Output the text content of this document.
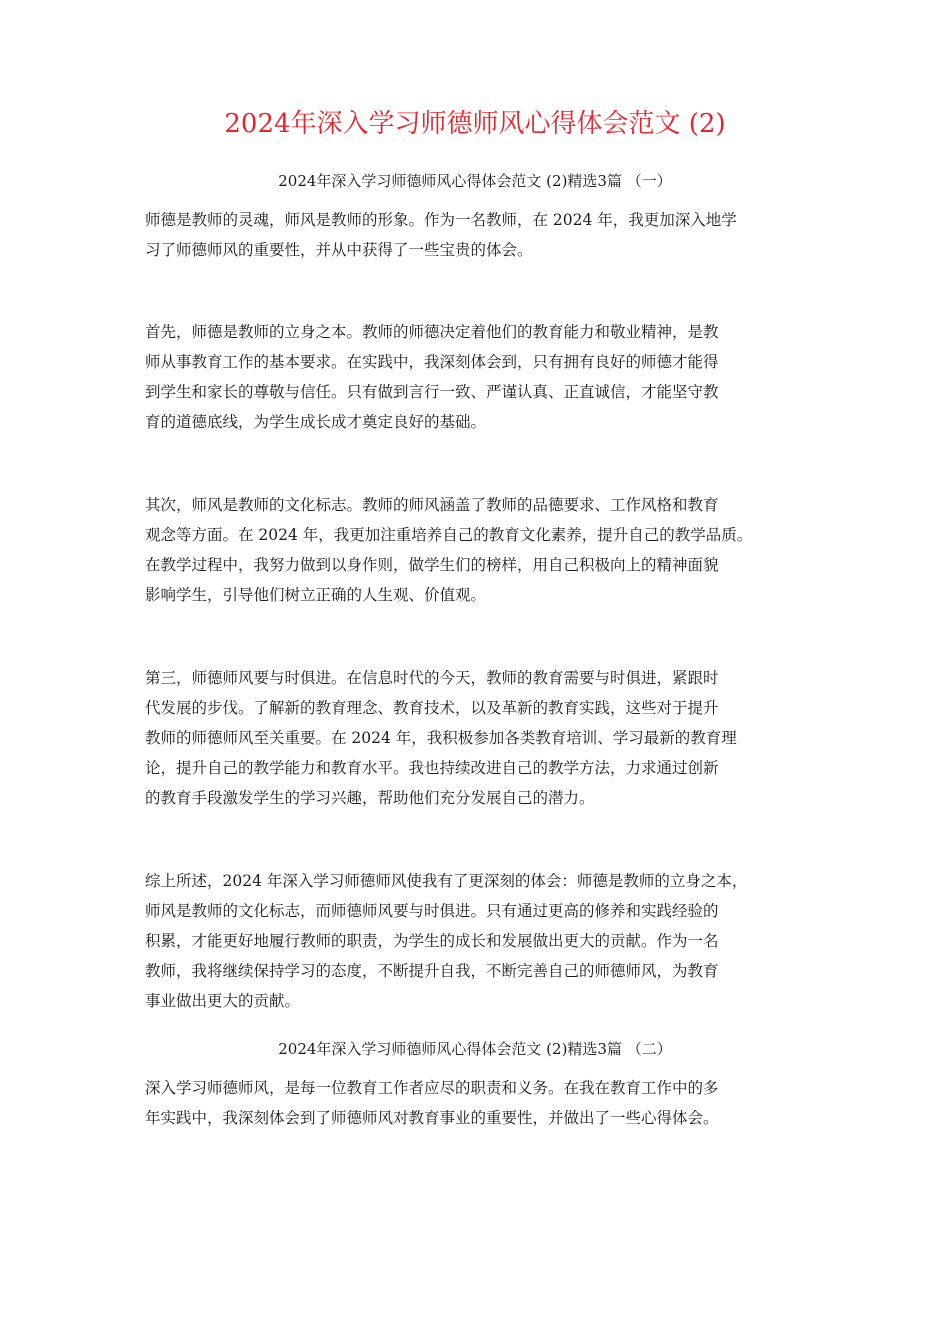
2024年深入学习师德师风心得体会范文 (2)
2024年深入学习师德师风心得体会范文 (2)精选3篇 （一）

师德是教师的灵魂，师风是教师的形象。作为一名教师，在 2024 年，我更加深入地学
习了师德师风的重要性，并从中获得了一些宝贵的体会。

首先，师德是教师的立身之本。教师的师德决定着他们的教育能力和敬业精神，是教
师从事教育工作的基本要求。在实践中，我深刻体会到，只有拥有良好的师德才能得
到学生和家长的尊敬与信任。只有做到言行一致、严谨认真、正直诚信，才能坚守教
育的道德底线，为学生成长成才奠定良好的基础。

其次，师风是教师的文化标志。教师的师风涵盖了教师的品德要求、工作风格和教育
观念等方面。在 2024 年，我更加注重培养自己的教育文化素养，提升自己的教学品质。
在教学过程中，我努力做到以身作则，做学生们的榜样，用自己积极向上的精神面貌
影响学生，引导他们树立正确的人生观、价值观。

第三，师德师风要与时俱进。在信息时代的今天，教师的教育需要与时俱进，紧跟时
代发展的步伐。了解新的教育理念、教育技术，以及革新的教育实践，这些对于提升
教师的师德师风至关重要。在 2024 年，我积极参加各类教育培训、学习最新的教育理
论，提升自己的教学能力和教育水平。我也持续改进自己的教学方法，力求通过创新
的教育手段激发学生的学习兴趣，帮助他们充分发展自己的潜力。

综上所述，2024 年深入学习师德师风使我有了更深刻的体会：师德是教师的立身之本，
师风是教师的文化标志，而师德师风要与时俱进。只有通过更高的修养和实践经验的
积累，才能更好地履行教师的职责，为学生的成长和发展做出更大的贡献。作为一名
教师，我将继续保持学习的态度，不断提升自我，不断完善自己的师德师风，为教育
事业做出更大的贡献。

2024年深入学习师德师风心得体会范文 (2)精选3篇 （二）

深入学习师德师风，是每一位教育工作者应尽的职责和义务。在我在教育工作中的多
年实践中，我深刻体会到了师德师风对教育事业的重要性，并做出了一些心得体会。
